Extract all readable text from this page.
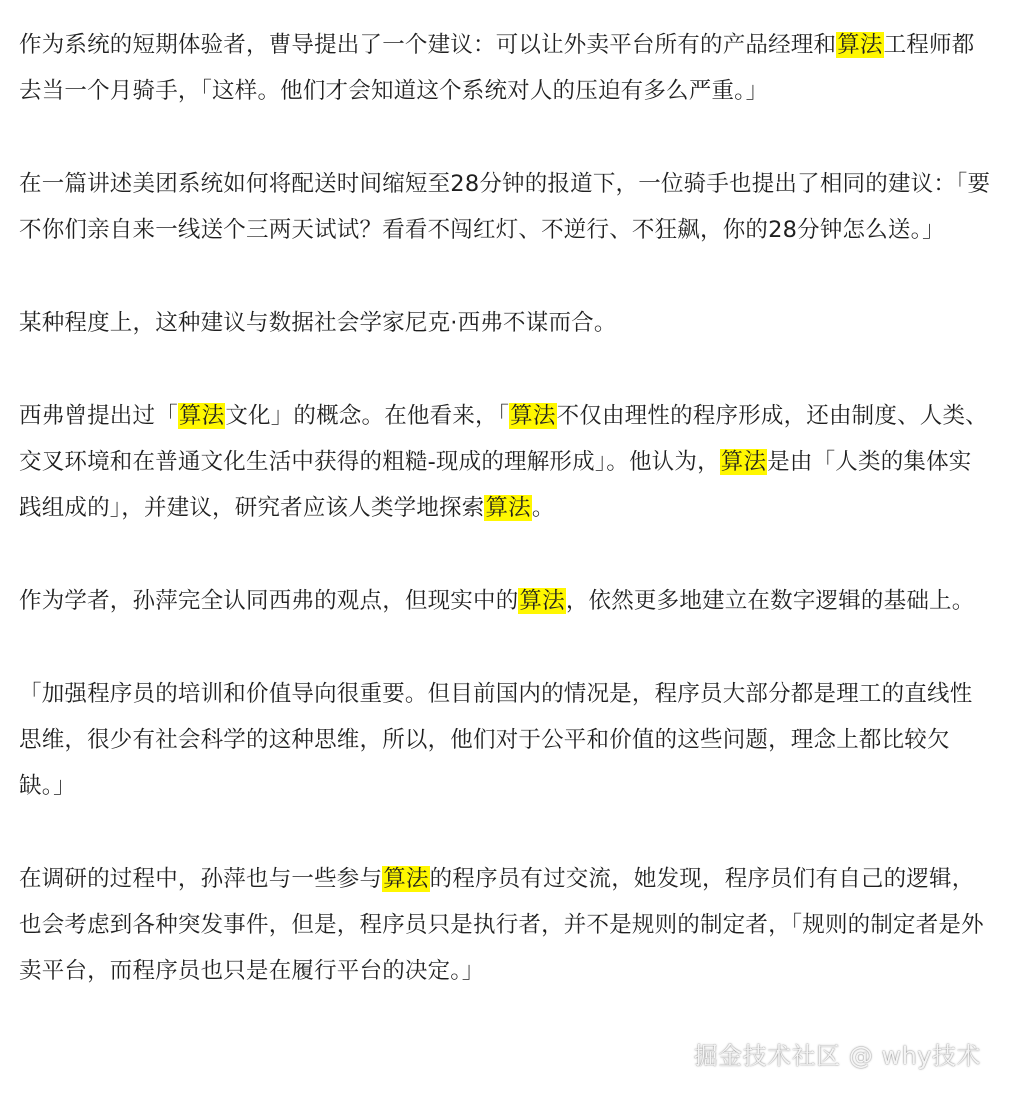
作为系统的短期体验者，曹导提出了一个建议：可以让外卖平台所有的产品经理和算法工程师都去当一个月骑手，「这样。他们才会知道这个系统对人的压迫有多么严重。」

在一篇讲述美团系统如何将配送时间缩短至28分钟的报道下，一位骑手也提出了相同的建议：「要不你们亲自来一线送个三两天试试？看看不闯红灯、不逆行、不狂飙，你的28分钟怎么送。」

某种程度上，这种建议与数据社会学家尼克·西弗不谋而合。

西弗曾提出过「算法文化」的概念。在他看来，「算法不仅由理性的程序形成，还由制度、人类、交叉环境和在普通文化生活中获得的粗糙-现成的理解形成」。他认为，算法是由「人类的集体实践组成的」，并建议，研究者应该人类学地探索算法。

作为学者，孙萍完全认同西弗的观点，但现实中的算法，依然更多地建立在数字逻辑的基础上。

「加强程序员的培训和价值导向很重要。但目前国内的情况是，程序员大部分都是理工的直线性思维，很少有社会科学的这种思维，所以，他们对于公平和价值的这些问题，理念上都比较欠缺。」

在调研的过程中，孙萍也与一些参与算法的程序员有过交流，她发现，程序员们有自己的逻辑，也会考虑到各种突发事件，但是，程序员只是执行者，并不是规则的制定者，「规则的制定者是外卖平台，而程序员也只是在履行平台的决定。」

掘金技术社区 @ why技术
